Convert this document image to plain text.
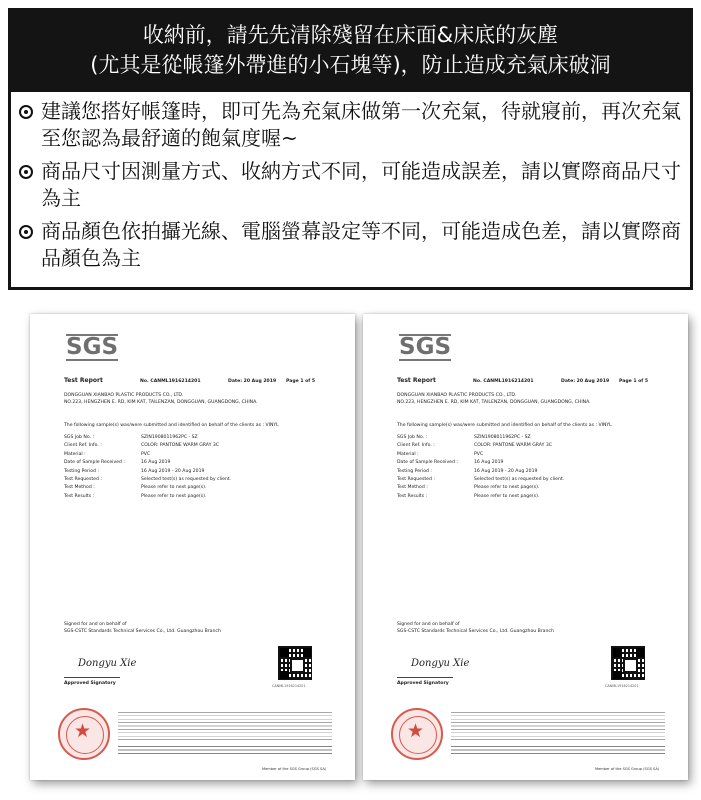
收納前，請先先清除殘留在床面&床底的灰塵
(尤其是從帳篷外帶進的小石塊等)，防止造成充氣床破洞
建議您搭好帳篷時，即可先為充氣床做第一次充氣，待就寢前，再次充氣至您認為最舒適的飽氣度喔~
商品尺寸因測量方式、收納方式不同，可能造成誤差，請以實際商品尺寸為主
商品顏色依拍攝光線、電腦螢幕設定等不同，可能造成色差，請以實際商品顏色為主
SGS
Test Report	No. CANML1916214201	Date: 20 Aug 2019 Page 1 of 5
DONGGUAN XIANBAO PLASTIC PRODUCTS CO., LTD.
NO.223, HENGZHEN E. RD, KIM KAT, TAILENZAN, DONGGUAN, GUANGDONG, CHINA.
The following sample(s) was/were submitted and identified on behalf of the clients as : VINYL
SGS Job No. :	SZIN1908011962PC - SZ
Client Ref. Info. :	COLOR: PANTONE WARM GRAY 3C
Material :	PVC
Date of Sample Received :	16 Aug 2019
Testing Period :	16 Aug 2019 - 20 Aug 2019
Test Requested :	Selected test(s) as requested by client.
Test Method :	Please refer to next page(s).
Test Results :	Please refer to next page(s).
Signed for and on behalf of
SGS-CSTC Standards Technical Services Co., Ltd. Guangzhou Branch
Dongyu Xie
Approved Signatory	CANML1916214201
★
Member of the SGS Group (SGS SA)
SGS
Test Report	No. CANML1916214201	Date: 20 Aug 2019 Page 1 of 5
DONGGUAN XIANBAO PLASTIC PRODUCTS CO., LTD.
NO.223, HENGZHEN E. RD, KIM KAT, TAILENZAN, DONGGUAN, GUANGDONG, CHINA.
The following sample(s) was/were submitted and identified on behalf of the clients as : VINYL
SGS Job No. :	SZIN1908011962PC - SZ
Client Ref. Info. :	COLOR: PANTONE WARM GRAY 3C
Material :	PVC
Date of Sample Received :	16 Aug 2019
Testing Period :	16 Aug 2019 - 20 Aug 2019
Test Requested :	Selected test(s) as requested by client.
Test Method :	Please refer to next page(s).
Test Results :	Please refer to next page(s).
Signed for and on behalf of
SGS-CSTC Standards Technical Services Co., Ltd. Guangzhou Branch
Dongyu Xie
Approved Signatory	CANML1916214201
★
Member of the SGS Group (SGS SA)
